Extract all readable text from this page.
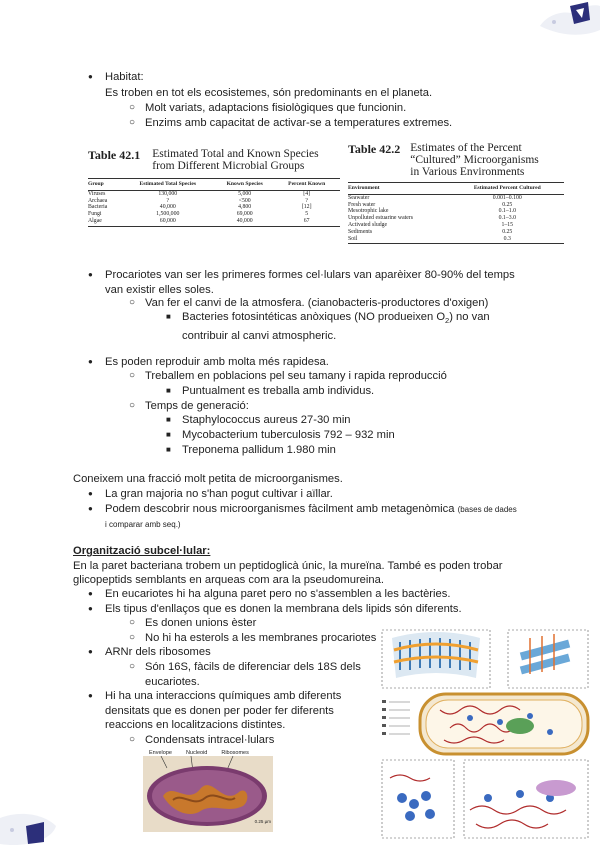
● Habitat:
Es troben en tot els ecosistemes, són predominants en el planeta.
○ Molt variats, adaptacions fisiològiques que funcionin.
○ Enzims amb capacitat de activar-se a temperatures extremes.
Table 42.1 Estimated Total and Known Species
from Different Microbial Groups
Group	Estimated Total Species	Known Species	Percent Known
Viruses	130,000	5,000	[4]
Archaea	?	<500	?
Bacteria	40,000	4,800	[12]
Fungi	1,500,000	69,000	5
Algae	60,000	40,000	67

Table 42.2 Estimates of the Percent
“Cultured” Microorganisms
in Various Environments
Environment	Estimated Percent Cultured
Seawater	0.001–0.100
Fresh water	0.25
Mesotrophic lake	0.1–1.0
Unpolluted estuarine waters	0.1–3.0
Activated sludge	1–15
Sediments	0.25
Soil	0.3

● Procariotes van ser les primeres formes cel·lulars van aparèixer 80-90% del temps
van existir elles soles.
○ Van fer el canvi de la atmosfera. (cianobacteris-productores d'oxigen)
■ Bacteries fotosintéticas anòxiques (NO produeixen $O_2$) no van
contribuir al canvi atmospheric.
● Es poden reproduir amb molta més rapidesa.
○ Treballem en poblacions pel seu tamany i rapida reproducció
■ Puntualment es treballa amb individus.
○ Temps de generació:
■ Staphylococcus aureus 27-30 min
■ Mycobacterium tuberculosis 792 – 932 min
■ Treponema pallidum 1.980 min
Coneixem una fracció molt petita de microorganismes.
● La gran majoria no s'han pogut cultivar i aïllar.
● Podem descobrir nous microorganismes fàcilment amb metagenòmica (bases de dades
i comparar amb seq.)
Organització subcel·lular:
En la paret bacteriana trobem un peptidoglicà únic, la mureïna. També es poden trobar
glicopeptids semblants en arqueas com ara la pseudomureina.
● En eucariotes hi ha alguna paret pero no s'assemblen a les bactèries.
● Els tipus d'enllaços que es donen la membrana dels lipids són diferents.
○ Es donen unions èster
○ No hi ha esterols a les membranes procariotes
● ARNr dels ribosomes
○ Són 16S, fàcils de diferenciar dels 18S dels
eucariotes.
● Hi ha una interaccions químiques amb diferents
densitats que es donen per poder fer diferents
reaccions en localitzacions distintes.
○ Condensats intracel·lulars
Envelope	Nucleoid	Ribosomes
0.25 µm
